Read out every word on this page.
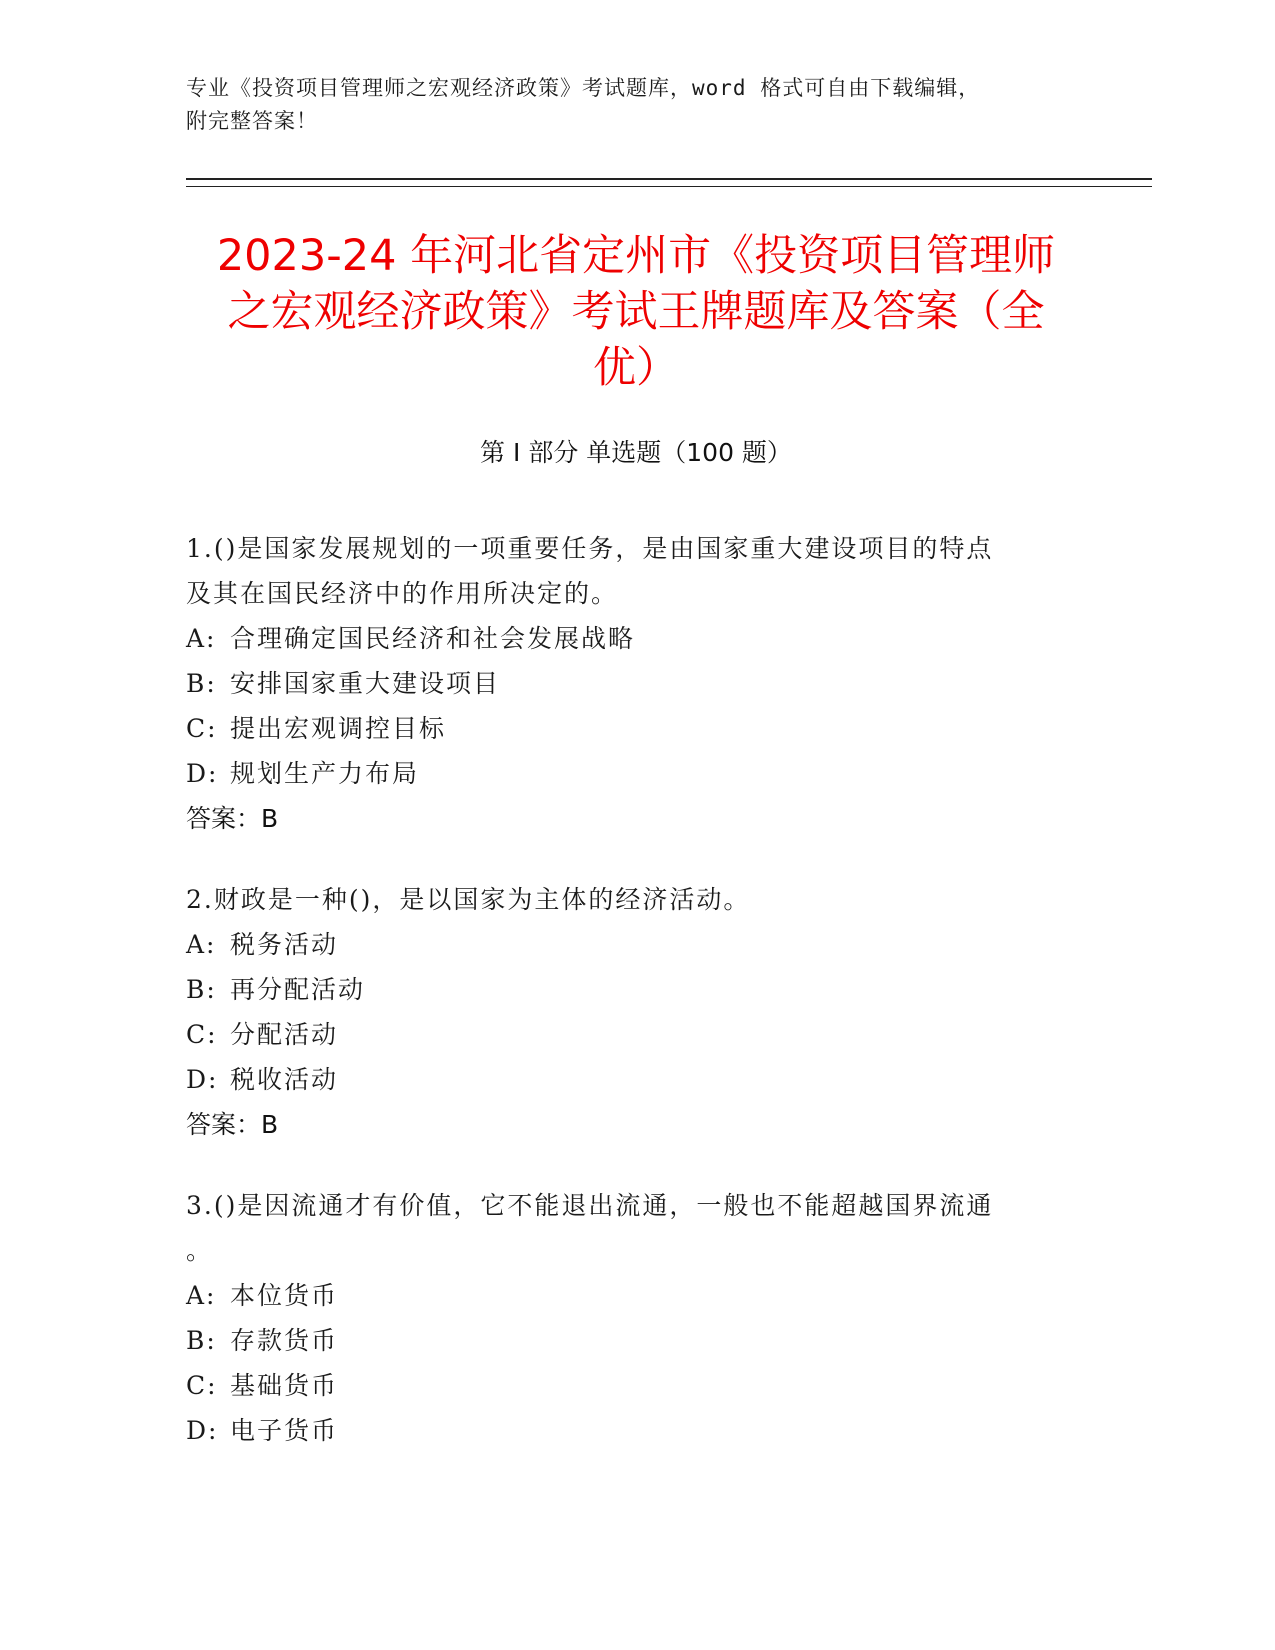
专业《投资项目管理师之宏观经济政策》考试题库，word 格式可自由下载编辑，
附完整答案！
2023-24 年河北省定州市《投资项目管理师
之宏观经济政策》考试王牌题库及答案（全
优）
第 I 部分 单选题（100 题）
1.()是国家发展规划的一项重要任务，是由国家重大建设项目的特点
及其在国民经济中的作用所决定的。
A: 合理确定国民经济和社会发展战略
B: 安排国家重大建设项目
C: 提出宏观调控目标
D: 规划生产力布局
答案：B
2.财政是一种()，是以国家为主体的经济活动。
A: 税务活动
B: 再分配活动
C: 分配活动
D: 税收活动
答案：B
3.()是因流通才有价值，它不能退出流通，一般也不能超越国界流通
。
A: 本位货币
B: 存款货币
C: 基础货币
D: 电子货币
